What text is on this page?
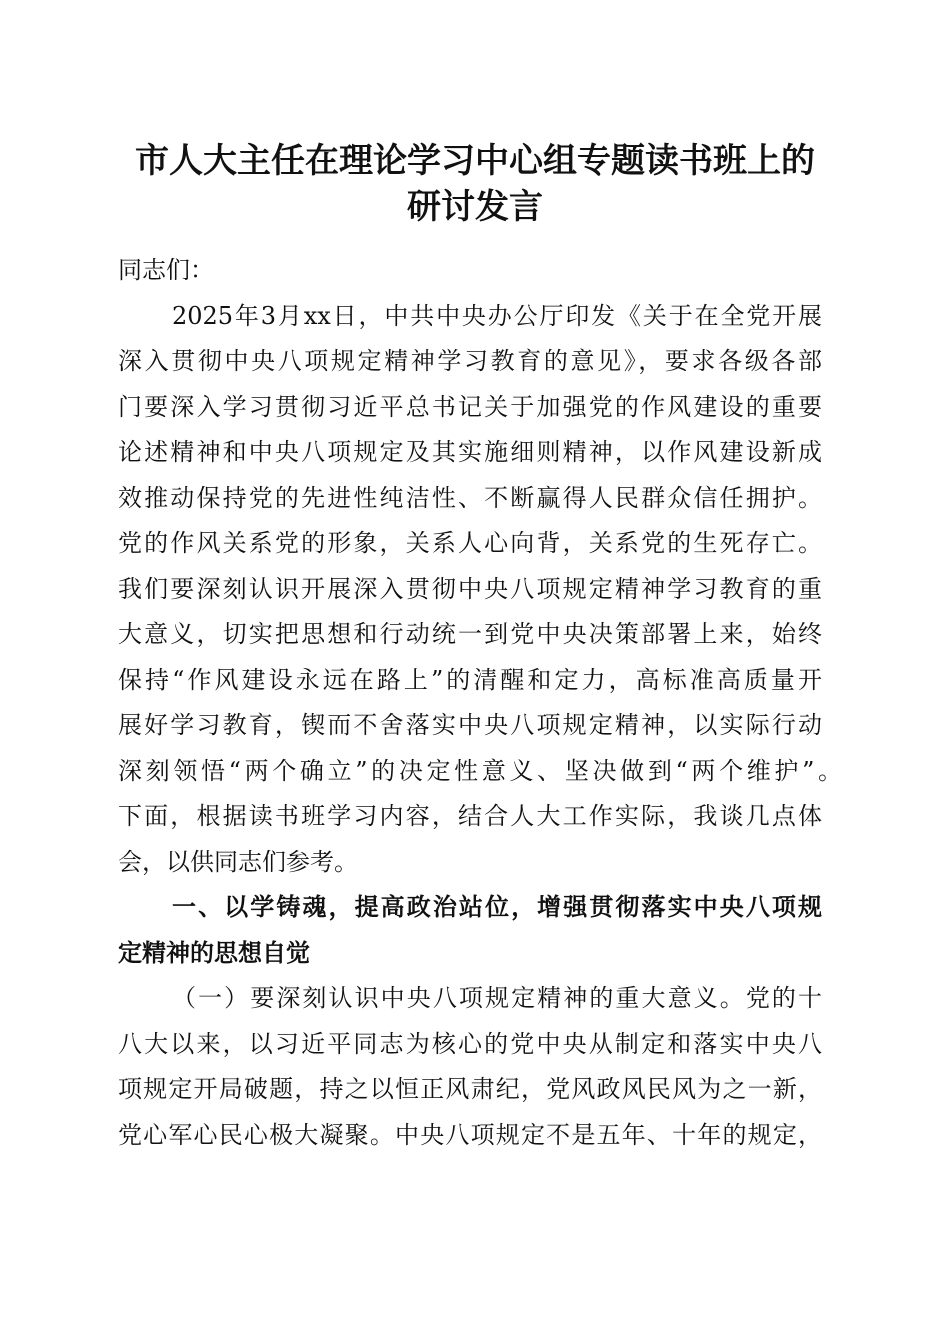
市人大主任在理论学习中心组专题读书班上的
研讨发言
同志们：
2025年3月xx日，中共中央办公厅印发《关于在全党开展
深入贯彻中央八项规定精神学习教育的意见》，要求各级各部
门要深入学习贯彻习近平总书记关于加强党的作风建设的重要
论述精神和中央八项规定及其实施细则精神，以作风建设新成
效推动保持党的先进性纯洁性、不断赢得人民群众信任拥护。
党的作风关系党的形象，关系人心向背，关系党的生死存亡。
我们要深刻认识开展深入贯彻中央八项规定精神学习教育的重
大意义，切实把思想和行动统一到党中央决策部署上来，始终
保持“作风建设永远在路上”的清醒和定力，高标准高质量开
展好学习教育，锲而不舍落实中央八项规定精神，以实际行动
深刻领悟“两个确立”的决定性意义、坚决做到“两个维护”。
下面，根据读书班学习内容，结合人大工作实际，我谈几点体
会，以供同志们参考。
一、以学铸魂，提高政治站位，增强贯彻落实中央八项规
定精神的思想自觉
（一）要深刻认识中央八项规定精神的重大意义。党的十
八大以来，以习近平同志为核心的党中央从制定和落实中央八
项规定开局破题，持之以恒正风肃纪，党风政风民风为之一新，
党心军心民心极大凝聚。中央八项规定不是五年、十年的规定，
